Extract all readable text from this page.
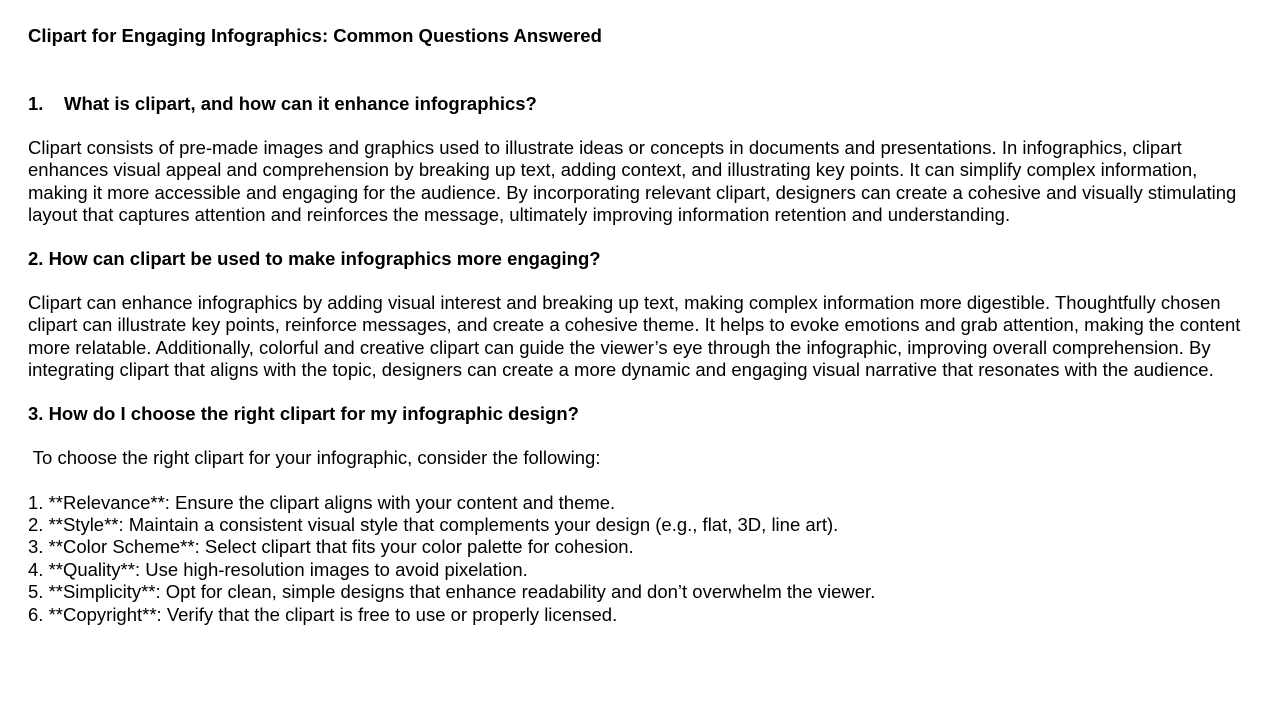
Clipart for Engaging Infographics: Common Questions Answered
1. What is clipart, and how can it enhance infographics?

Clipart consists of pre-made images and graphics used to illustrate ideas or concepts in documents and presentations. In infographics, clipart enhances visual appeal and comprehension by breaking up text, adding context, and illustrating key points. It can simplify complex information, making it more accessible and engaging for the audience. By incorporating relevant clipart, designers can create a cohesive and visually stimulating layout that captures attention and reinforces the message, ultimately improving information retention and understanding.

2. How can clipart be used to make infographics more engaging?

Clipart can enhance infographics by adding visual interest and breaking up text, making complex information more digestible. Thoughtfully chosen clipart can illustrate key points, reinforce messages, and create a cohesive theme. It helps to evoke emotions and grab attention, making the content more relatable. Additionally, colorful and creative clipart can guide the viewer’s eye through the infographic, improving overall comprehension. By integrating clipart that aligns with the topic, designers can create a more dynamic and engaging visual narrative that resonates with the audience.

3. How do I choose the right clipart for my infographic design?

To choose the right clipart for your infographic, consider the following:

1. **Relevance**: Ensure the clipart aligns with your content and theme.
2. **Style**: Maintain a consistent visual style that complements your design (e.g., flat, 3D, line art).
3. **Color Scheme**: Select clipart that fits your color palette for cohesion.
4. **Quality**: Use high-resolution images to avoid pixelation.
5. **Simplicity**: Opt for clean, simple designs that enhance readability and don’t overwhelm the viewer.
6. **Copyright**: Verify that the clipart is free to use or properly licensed.
